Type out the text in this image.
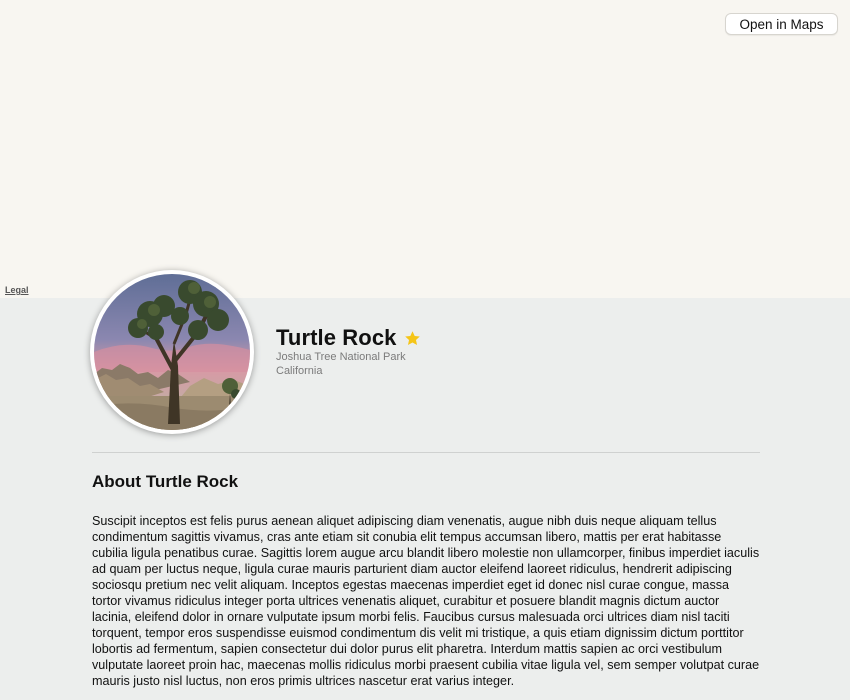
Open in Maps
Legal
Turtle Rock
Joshua Tree National Park
California
About Turtle Rock

Suscipit inceptos est felis purus aenean aliquet adipiscing diam venenatis, augue nibh duis neque aliquam tellus condimentum sagittis vivamus, cras ante etiam sit conubia elit tempus accumsan libero, mattis per erat habitasse cubilia ligula penatibus curae. Sagittis lorem augue arcu blandit libero molestie non ullamcorper, finibus imperdiet iaculis ad quam per luctus neque, ligula curae mauris parturient diam auctor eleifend laoreet ridiculus, hendrerit adipiscing sociosqu pretium nec velit aliquam. Inceptos egestas maecenas imperdiet eget id donec nisl curae congue, massa tortor vivamus ridiculus integer porta ultrices venenatis aliquet, curabitur et posuere blandit magnis dictum auctor lacinia, eleifend dolor in ornare vulputate ipsum morbi felis. Faucibus cursus malesuada orci ultrices diam nisl taciti torquent, tempor eros suspendisse euismod condimentum dis velit mi tristique, a quis etiam dignissim dictum porttitor lobortis ad fermentum, sapien consectetur dui dolor purus elit pharetra. Interdum mattis sapien ac orci vestibulum vulputate laoreet proin hac, maecenas mollis ridiculus morbi praesent cubilia vitae ligula vel, sem semper volutpat curae mauris justo nisl luctus, non eros primis ultrices nascetur erat varius integer.
